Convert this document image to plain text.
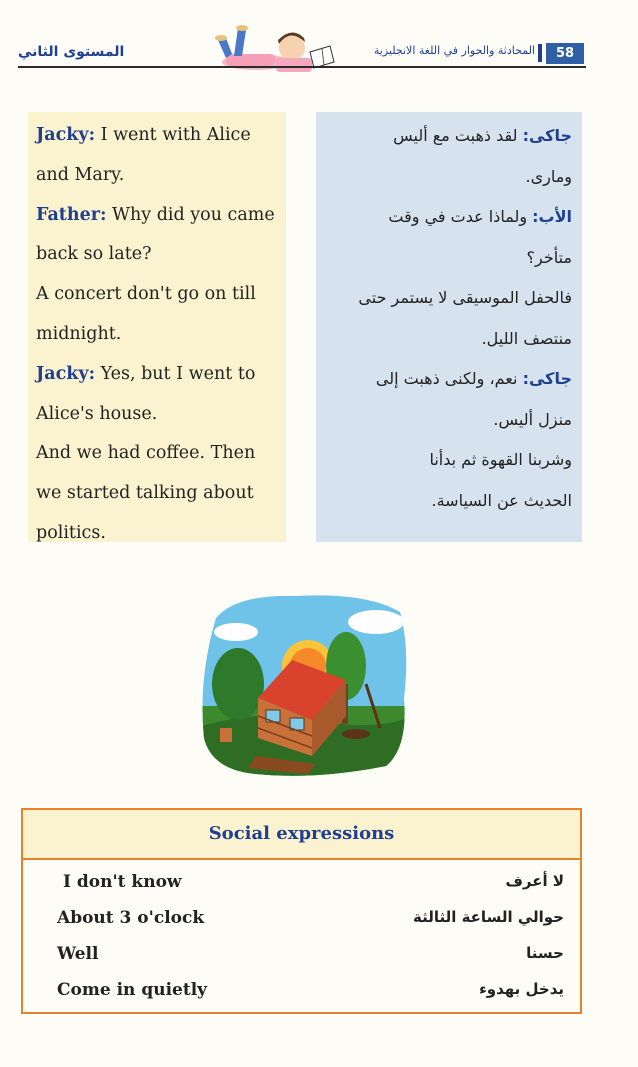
المستوى الثاني	المحادثة والحوار في اللغة الانجليزية	58

Jacky: I went with Alice

and Mary.

Father: Why did you came

back so late?

A concert don't go on till

midnight.

Jacky: Yes, but I went to

Alice's house.

And we had coffee. Then

we started talking about

politics.

جاكى: لقد ذهبت مع أليس

ومارى.

الأب: ولماذا عدت في وقت

متأخر؟

فالحفل الموسيقى لا يستمر حتى

منتصف الليل.

جاكى: نعم، ولكنى ذهبت إلى

منزل أليس.

وشربنا القهوة ثم بدأنا

الحديث عن السياسة.

Social expressions
I don't know	لا أعرف
About 3 o'clock	حوالي الساعة الثالثة
Well	حسنا
Come in quietly	يدخل بهدوء
